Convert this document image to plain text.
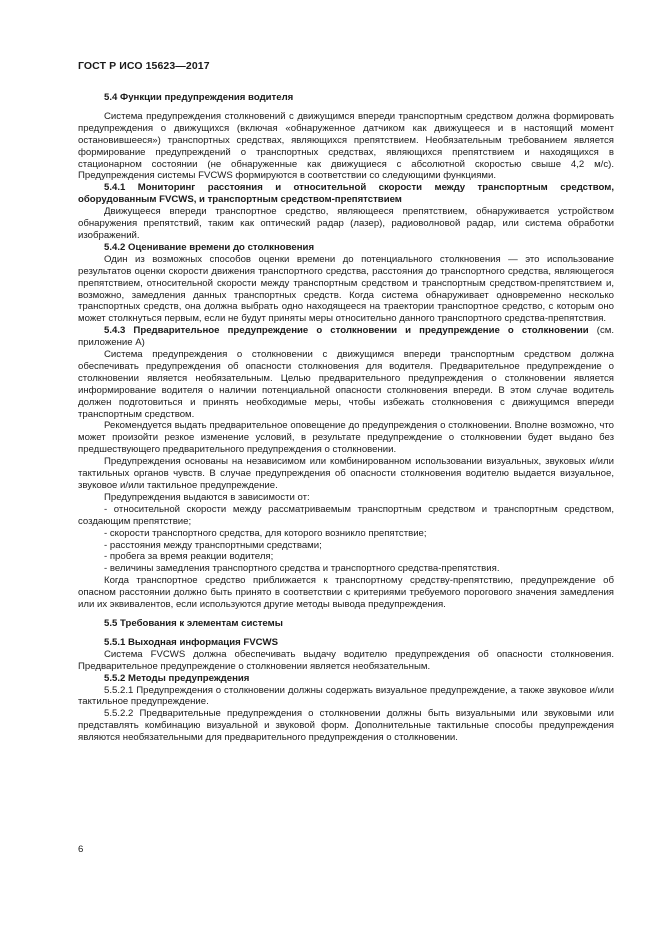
ГОСТ Р ИСО 15623—2017

5.4 Функции предупреждения водителя

Система предупреждения столкновений с движущимся впереди транспортным средством должна формировать предупреждения о движущихся (включая «обнаруженное датчиком как движущееся и в настоящий момент остановившееся») транспортных средствах, являющихся препятствием. Необязательным требованием является формирование предупреждений о транспортных средствах, являющихся препятствием и находящихся в стационарном состоянии (не обнаруженные как движущиеся с абсолютной скоростью свыше 4,2 м/с). Предупреждения системы FVCWS формируются в соответствии со следующими функциями.

5.4.1 Мониторинг расстояния и относительной скорости между транспортным средством, оборудованным FVCWS, и транспортным средством-препятствием

Движущееся впереди транспортное средство, являющееся препятствием, обнаруживается устройством обнаружения препятствий, таким как оптический радар (лазер), радиоволновой радар, или система обработки изображений.

5.4.2 Оценивание времени до столкновения

Один из возможных способов оценки времени до потенциального столкновения — это использование результатов оценки скорости движения транспортного средства, расстояния до транспортного средства, являющегося препятствием, относительной скорости между транспортным средством и транспортным средством-препятствием и, возможно, замедления данных транспортных средств. Когда система обнаруживает одновременно несколько транспортных средств, она должна выбрать одно находящееся на траектории транспортное средство, с которым оно может столкнуться первым, если не будут приняты меры относительно данного транспортного средства-препятствия.

5.4.3 Предварительное предупреждение о столкновении и предупреждение о столкновении (см. приложение А)

Система предупреждения о столкновении с движущимся впереди транспортным средством должна обеспечивать предупреждения об опасности столкновения для водителя. Предварительное предупреждение о столкновении является необязательным. Целью предварительного предупреждения о столкновении является информирование водителя о наличии потенциальной опасности столкновения впереди. В этом случае водитель должен подготовиться и принять необходимые меры, чтобы избежать столкновения с движущимся впереди транспортным средством.

Рекомендуется выдать предварительное оповещение до предупреждения о столкновении. Вполне возможно, что может произойти резкое изменение условий, в результате предупреждение о столкновении будет выдано без предшествующего предварительного предупреждения о столкновении.

Предупреждения основаны на независимом или комбинированном использовании визуальных, звуковых и/или тактильных органов чувств. В случае предупреждения об опасности столкновения водителю выдается визуальное, звуковое и/или тактильное предупреждение.

Предупреждения выдаются в зависимости от:

- относительной скорости между рассматриваемым транспортным средством и транспортным средством, создающим препятствие;

- скорости транспортного средства, для которого возникло препятствие;

- расстояния между транспортными средствами;

- пробега за время реакции водителя;

- величины замедления транспортного средства и транспортного средства-препятствия.

Когда транспортное средство приближается к транспортному средству-препятствию, предупреждение об опасном расстоянии должно быть принято в соответствии с критериями требуемого порогового значения замедления или их эквивалентов, если используются другие методы вывода предупреждения.

5.5 Требования к элементам системы

5.5.1 Выходная информация FVCWS

Система FVCWS должна обеспечивать выдачу водителю предупреждения об опасности столкновения. Предварительное предупреждение о столкновении является необязательным.

5.5.2 Методы предупреждения

5.5.2.1 Предупреждения о столкновении должны содержать визуальное предупреждение, а также звуковое и/или тактильное предупреждение.

5.5.2.2 Предварительные предупреждения о столкновении должны быть визуальными или звуковыми или представлять комбинацию визуальной и звуковой форм. Дополнительные тактильные способы предупреждения являются необязательными для предварительного предупреждения о столкновении.

6
